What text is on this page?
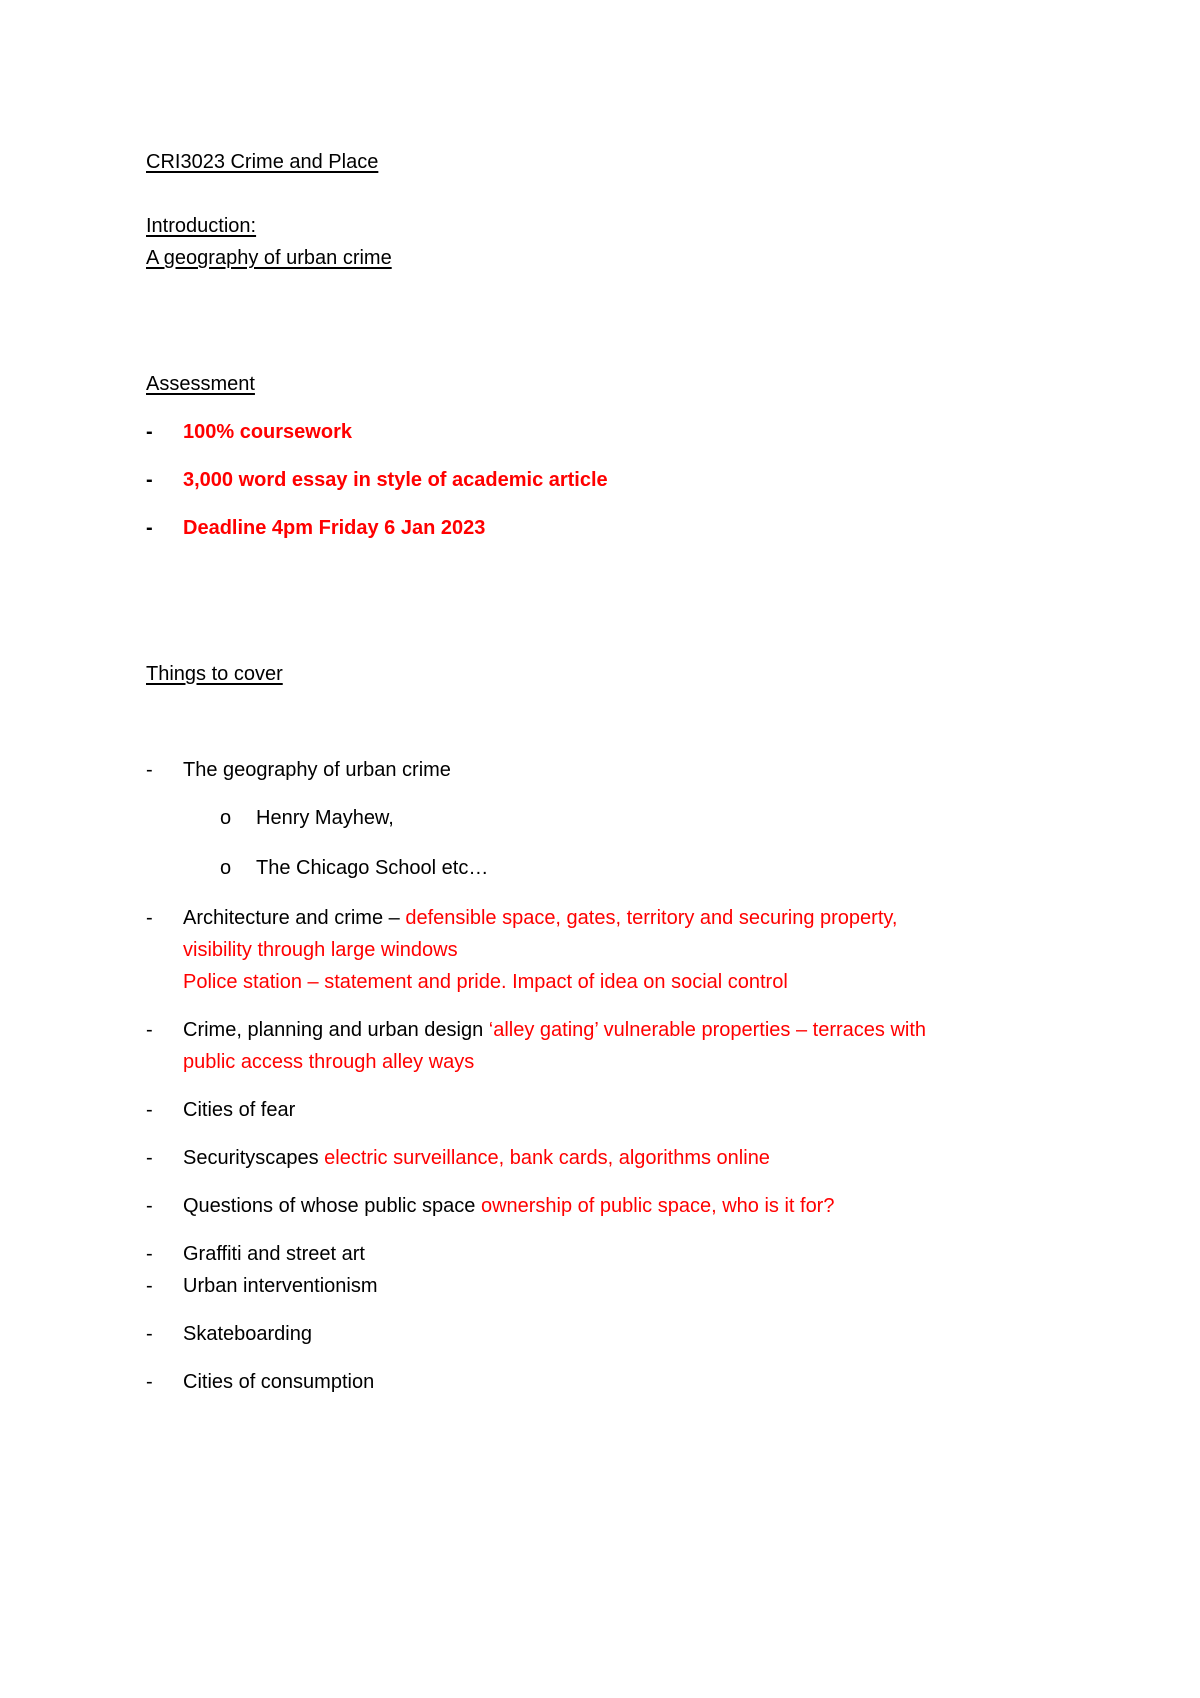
CRI3023 Crime and Place
Introduction:
A geography of urban crime
Assessment
- 100% coursework
- 3,000 word essay in style of academic article
- Deadline 4pm Friday 6 Jan 2023
Things to cover
- The geography of urban crime
o Henry Mayhew,
o The Chicago School etc…
- Architecture and crime – defensible space, gates, territory and securing property,
visibility through large windows
Police station – statement and pride. Impact of idea on social control
- Crime, planning and urban design ‘alley gating’ vulnerable properties – terraces with
public access through alley ways
- Cities of fear
- Securityscapes electric surveillance, bank cards, algorithms online
- Questions of whose public space ownership of public space, who is it for?
- Graffiti and street art
- Urban interventionism
- Skateboarding
- Cities of consumption
